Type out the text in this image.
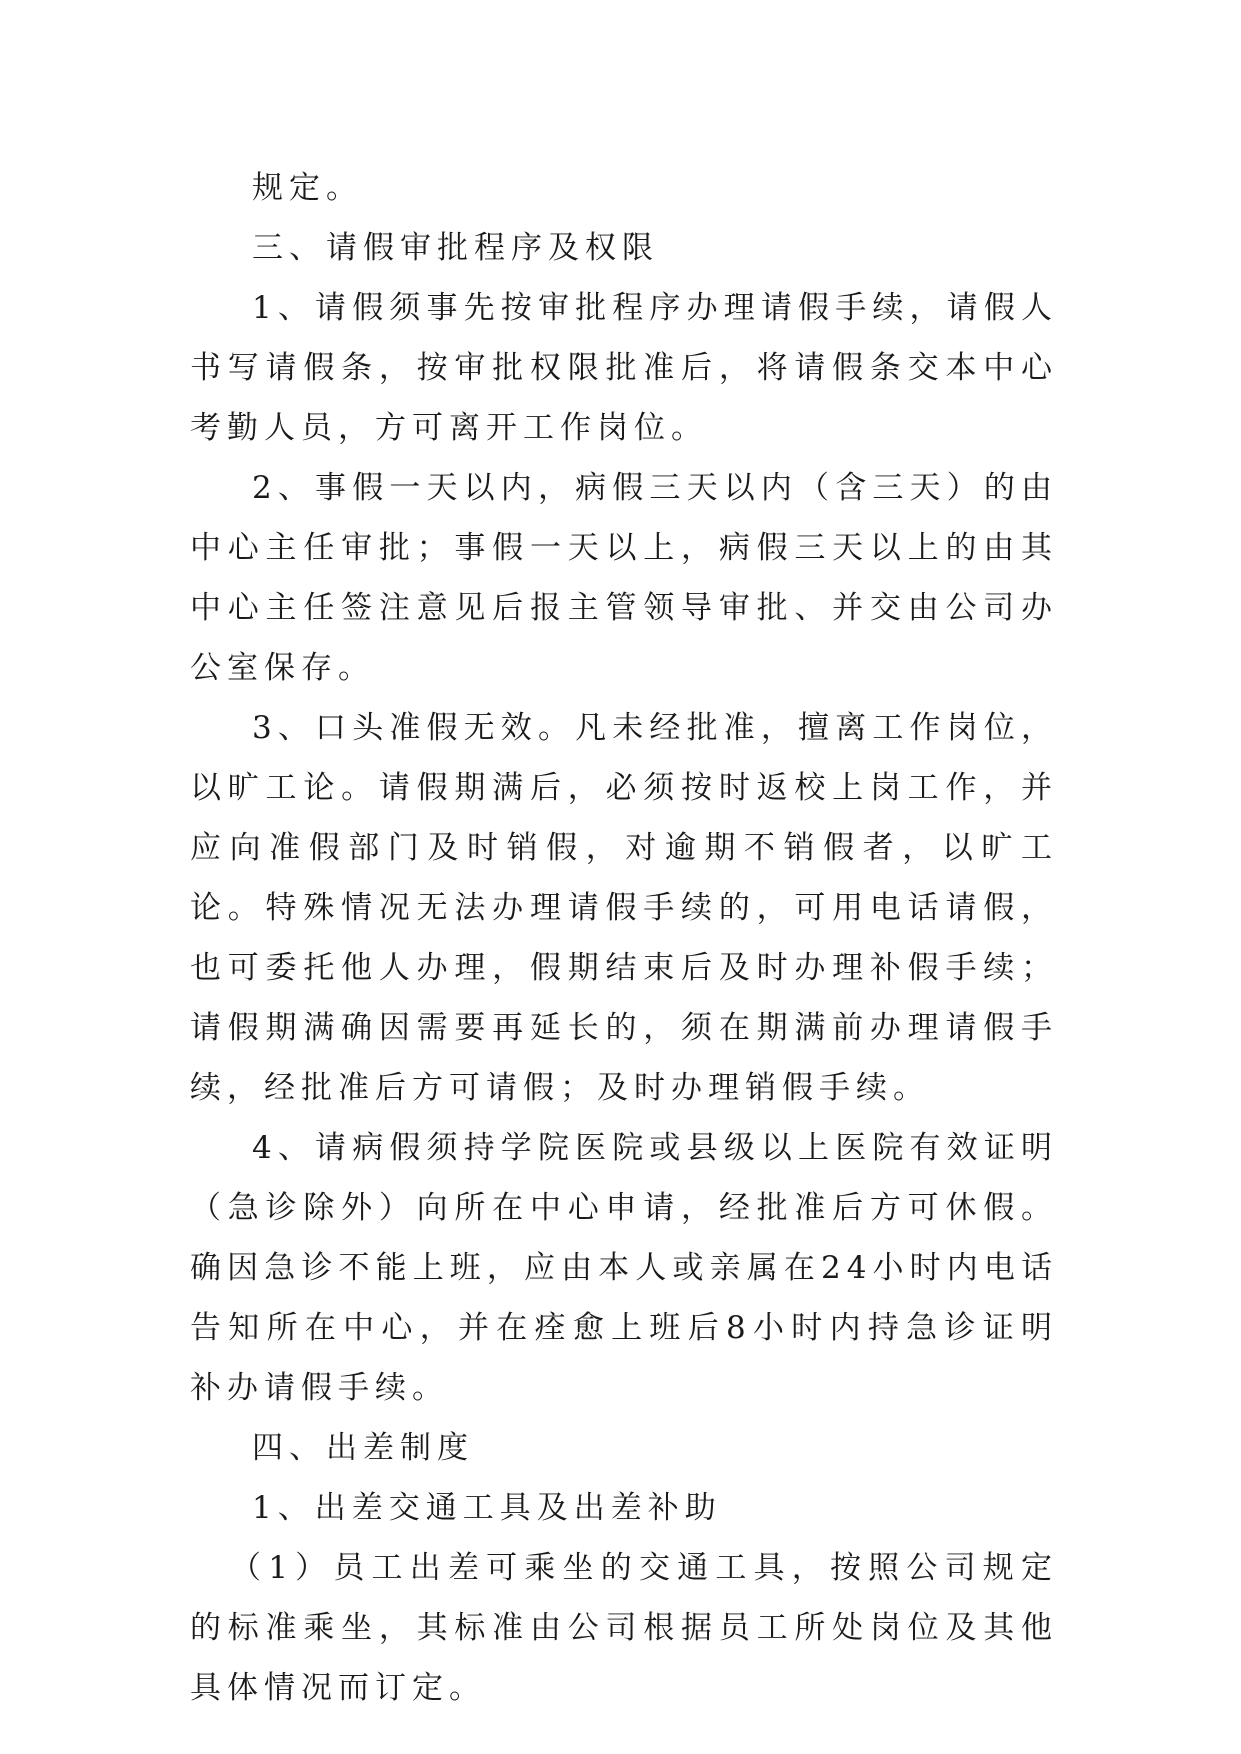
规定。

三、请假审批程序及权限

1、请假须事先按审批程序办理请假手续，请假人书写请假条，按审批权限批准后，将请假条交本中心考勤人员，方可离开工作岗位。

2、事假一天以内，病假三天以内（含三天）的由中心主任审批；事假一天以上，病假三天以上的由其中心主任签注意见后报主管领导审批、并交由公司办公室保存。

3、口头准假无效。凡未经批准，擅离工作岗位，以旷工论。请假期满后，必须按时返校上岗工作，并应向准假部门及时销假，对逾期不销假者，以旷工论。特殊情况无法办理请假手续的，可用电话请假，也可委托他人办理，假期结束后及时办理补假手续；请假期满确因需要再延长的，须在期满前办理请假手续，经批准后方可请假；及时办理销假手续。

4、请病假须持学院医院或县级以上医院有效证明（急诊除外）向所在中心申请，经批准后方可休假。确因急诊不能上班，应由本人或亲属在24小时内电话告知所在中心，并在痊愈上班后8小时内持急诊证明补办请假手续。

四、出差制度

1、出差交通工具及出差补助

（1）员工出差可乘坐的交通工具，按照公司规定的标准乘坐，其标准由公司根据员工所处岗位及其他具体情况而订定。
